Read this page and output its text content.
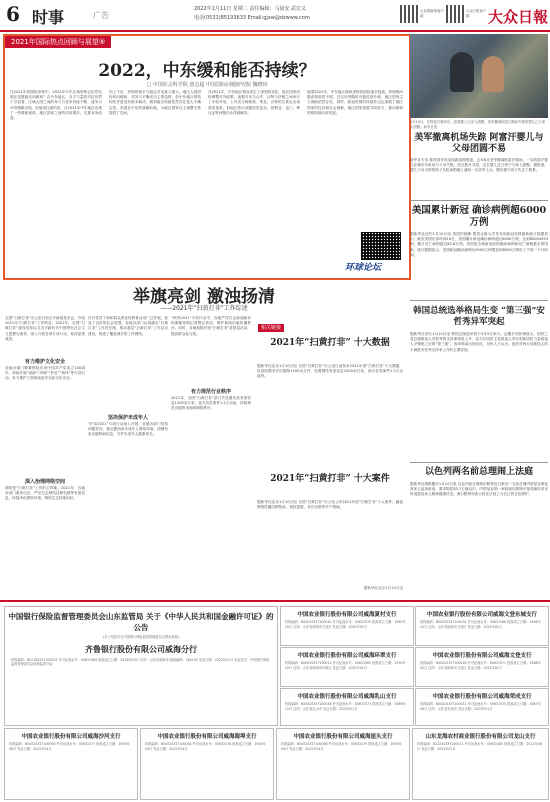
6 时事	广告
2022年1月11日 星期二 责任编辑：马晨安 武宏义
电话(0531)85193633 Email:gjxw@dzwww.com
大众网新闻客户端
大众日报客户端	大众日報
2021年国际热点回顾与展望⑨
2022，中东缓和能否持续？
□ 中国社会科学院 唐志超 中国国际问题研究院 魏晓钧
在2021年的国际形势中，2022年中东区域形势会依然发展还是继续走向缓和？在中东地区，各方力量的对抗仍然十分显著，区域大国之间的角力与竞争持续不断，战争与冲突频繁出现。但值得注意的是，在2021年中东地区出现了一些缓和迹象，地区国家之间的对话增多，关系有所改善。
向上不足，伊朗的和平与稳定对话意义重大。地区大国纷纷转向缓和，对冲与平衡成为主要趋势，但中东地区的结构性矛盾没有根本解决，缓和能否持续依然存在很大不确定性。美国在中东的战略收缩，为地区国家自主调整关系提供了空间。
在2021年，中东地区格局发生了深刻的变化，地区国家纷纷调整对外政策，加强对话与合作。沙特与伊朗之间举行了多轮对话，土耳其与阿联酋、埃及、沙特的关系也出现改善迹象。但地区热点问题依旧复杂，叙利亚、也门、利比亚等问题仍未得到解决。
展望2022年，中东地区缓和进程将面临诸多挑战。伊朗核问题谈判前景不明，巴以冲突随时可能再度升级，地区恐怖主义威胁依然存在。同时，新冠疫情的持续冲击也加剧了地区国家的经济和社会困难，地区国家需要共同努力，推动缓和进程持续向前发展。
环球论坛
1月10日，在阿富汗喀布尔，获救婴儿与亲人团聚。美军撤离阿富汗期间失散的婴儿已与家人团聚。新华社发
美军撤离机场失踪 阿富汗婴儿与父母团圆不易
新华社专电 据美国有线电视新闻网报道，去年8月美军撤离阿富汗期间，一名阿富汗婴儿在喀布尔机场与父母失散。经过数月寻找，这名婴儿近日终于与家人团聚。据报道，婴儿父母当时将孩子从机场围墙上递给一名美军士兵，随后便与孩子失去了联系。
美国累计新冠 确诊病例超6000万例
据新华社纽约1月10日电 美国约翰斯·霍普金斯大学发布的新冠疫情最新统计数据显示，截至美国东部时间10日，美国累计新冠确诊病例超过6000万例，达到60004453例，累计死亡病例超过83.6万例。美国是全球新冠疫情确诊病例和死亡病例最多的国家。统计数据显示，美国新冠确诊病例从5000万例增加到6000万例用了不到一个月时间。
举旗亮剑 激浊扬清
——2021年“扫黄打非”工作综述
全国“扫黄打非”办公室日前召开新闻发布会，介绍2021年“扫黄打非”工作情况。2021年，全国“扫黄打非”战线坚持以习近平新时代中国特色社会主义思想为指导，深入开展各项专项行动，取得显著成效。
有力维护文化安全
各地各部门紧紧围绕庆祝中国共产党成立100周年，持续开展“清源”“净网”“护苗”“秋风”等专项行动，有力维护了国家政治安全和文化安全。
深入治理网络空间
网络是“扫黄打非”工作的主阵地。2021年，各地各部门重拳出击，严厉打击网络淫秽色情等有害信息，持续净化网络环境，网络生态持续向好。
针对党员干部和群众的宣传教育活动广泛开展，营造了良好的社会氛围。各地各部门认真落实“扫黄打非”工作责任制，推动基层“扫黄打非”工作站点建设，构建了覆盖城乡的工作网络。
坚决保护未成年人
“护苗2021”专项行动深入开展，各地各部门坚持问题导向，重点整治涉未成年人网络环境，清理有害出版物和信息，守护未成年人健康成长。
“秋风2021”专项行动中，各地严厉打击新闻敲诈和假媒体假记者假记者站，维护新闻出版传播秩序。同时，各地积极开展“扫黄打非”进基层活动，提高群众参与度。
有力规范行业秩序
2021年，全国“扫黄打非”部门共处置各类有害信息1500余万条，查办各类案件1.2万余起，持续规范出版物市场和网络秩序。
相关链接
2021年“扫黄打非” 十大数据
据新华社北京1月10日电 全国“扫黄打非”办公室日前发布2021年度“扫黄打非”十大数据，包括收缴非法出版物1100余万件，处置网络有害信息1500余万条，查办各类案件1.2万余起等。
2021年“扫黄打非” 十大案件
据新华社北京1月10日电 全国“扫黄打非”办公室公布2021年度“扫黄打非”十大案件，涵盖网络传播淫秽物品、侵权盗版、非法出版等多个领域。
据新华社北京1月10日电
韩国总统选举格局生变 “第三强”安哲秀异军突起
据新华社首尔1月10日电 韩国总统选举将于3月9日举行。近期多项民调显示，国民之党总统候选人安哲秀的支持率明显上升，成为共同民主党候选人李在明和国民力量候选人尹锡悦之后的“第三强”，选举格局出现变化。分析人士认为，选民对两大党候选人的不满是安哲秀支持率上升的主要原因。
以色列两名前总理闹上法庭
据新华社耶路撒冷1月10日电 以色列前总理奥尔默特近日被另一名前总理内塔尼亚胡及其家人起诉诽谤，要求赔偿83.7万谢克尔。内塔尼亚胡一家称奥尔默特在接受媒体采访时诋毁其家人精神健康状况。奥尔默特则表示将在法庭上为自己的言论辩护。
中国银行保险监督管理委员会山东监管局 关于《中华人民共和国金融许可证》的公告
(以下信息可在中国银行保险监督管理委员会网站查询)
齐鲁银行股份有限公司威海分行
机构编码：B0216S237100001 许可证流水号：00631584 批准成立日期：2016年03月 住所：山东省威海市 邮政编码：264200 发证日期：2022年01月 发证机关：中国银行保险监督管理委员会威海监管分局
中国农业银行股份有限公司威海夏村支行
机构编码：B0002S337100040 许可证流水号：00631570 批准成立日期：1992年05月 住所：山东省威海市文登区 发证日期：2022年01月
中国农业银行股份有限公司威海文登东城支行
机构编码：B0002S337100035 许可证流水号：00631568 批准成立日期：1996年10月 住所：山东省威海市文登区 发证日期：2022年01月
中国农业银行股份有限公司威海环翠支行
机构编码：B0002S337100012 许可证流水号：00631565 批准成立日期：1990年02月 住所：山东省威海市环翠区 发证日期：2022年01月
中国农业银行股份有限公司威海文登支行
机构编码：B0002S337100028 许可证流水号：00631571 批准成立日期：1988年03月 住所：山东省威海市文登区 发证日期：2022年01月
中国农业银行股份有限公司威海乳山支行
机构编码：B0002S337100046 许可证流水号：00631573 批准成立日期：1989年11月 住所：山东省乳山市 发证日期：2022年01月
中国农业银行股份有限公司威海荣成支行
机构编码：B0002S337100051 许可证流水号：00631575 批准成立日期：1987年06月 住所：山东省荣成市 发证日期：2022年01月
中国农业银行股份有限公司威海沙河支行
机构编码：B0002S337100063 许可证流水号：00631577 批准成立日期：1993年08月 发证日期：2022年01月
中国农业银行股份有限公司威海海埠支行
机构编码：B0002S337100064 许可证流水号：00631578 批准成立日期：1994年04月 发证日期：2022年01月
中国农业银行股份有限公司威海崖头支行
机构编码：B0002S337100066 许可证流水号：00631579 批准成立日期：1995年09月 发证日期：2022年01月
山东龙海农村商业银行股份有限公司龙山支行
机构编码：B1225S337100011 许可证流水号：00631580 批准成立日期：2012年06月 发证日期：2022年01月
